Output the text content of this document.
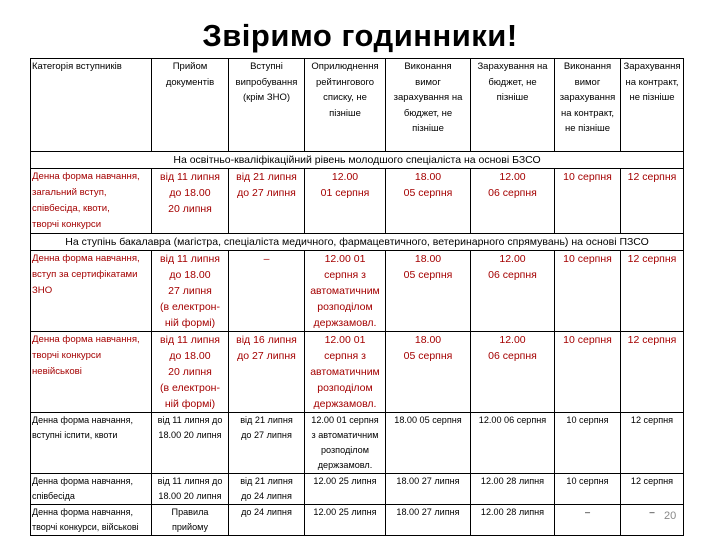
Звіримо годинники!
Категорія вступників	Прийом
документів	Вступні
випробування
(крім ЗНО)	Оприлюднення
рейтингового
списку, не
пізніше	Виконання
вимог
зарахування на
бюджет, не
пізніше	Зарахування на
бюджет, не
пізніше	Виконання
вимог
зарахування
на контракт,
не пізніше	Зарахування
на контракт,
не пізніше
На освітньо-кваліфікаційний рівень молодшого спеціаліста на основі БЗСО							
Денна форма навчання,
загальний вступ,
співбесіда, квоти,
творчі конкурси	від 11 липня
до 18.00
20 липня	від 21 липня
до 27 липня	12.00
01 серпня	18.00
05 серпня	12.00
06 серпня	10 серпня	12 серпня
На ступінь бакалавра (магістра, спеціаліста медичного, фармацевтичного, ветеринарного спрямувань) на основі ПЗСО							
Денна форма навчання,
вступ за сертифікатами
ЗНО	від 11 липня
до 18.00
27 липня
(в електрон-
ній формі)	–	12.00 01
серпня з
автоматичним
розподілом
держзамовл.	18.00
05 серпня	12.00
06 серпня	10 серпня	12 серпня
Денна форма навчання,
творчі конкурси
невійськові	від 11 липня
до 18.00
20 липня
(в електрон-
ній формі)	від 16 липня
до 27 липня	12.00 01
серпня з
автоматичним
розподілом
держзамовл.	18.00
05 серпня	12.00
06 серпня	10 серпня	12 серпня
Денна форма навчання,
вступні іспити, квоти	від 11 липня до
18.00 20 липня	від 21 липня
до 27 липня	12.00 01 серпня
з автоматичним
розподілом
держзамовл.	18.00 05 серпня	12.00 06 серпня	10 серпня	12 серпня
Денна форма навчання,
співбесіда	від 11 липня до
18.00 20 липня	від 21 липня
до 24 липня	12.00 25 липня	18.00 27 липня	12.00 28 липня	10 серпня	12 серпня
Денна форма навчання,
творчі конкурси, військові	Правила
прийому	до 24 липня	12.00 25 липня	18.00 27 липня	12.00 28 липня	–	– 20
